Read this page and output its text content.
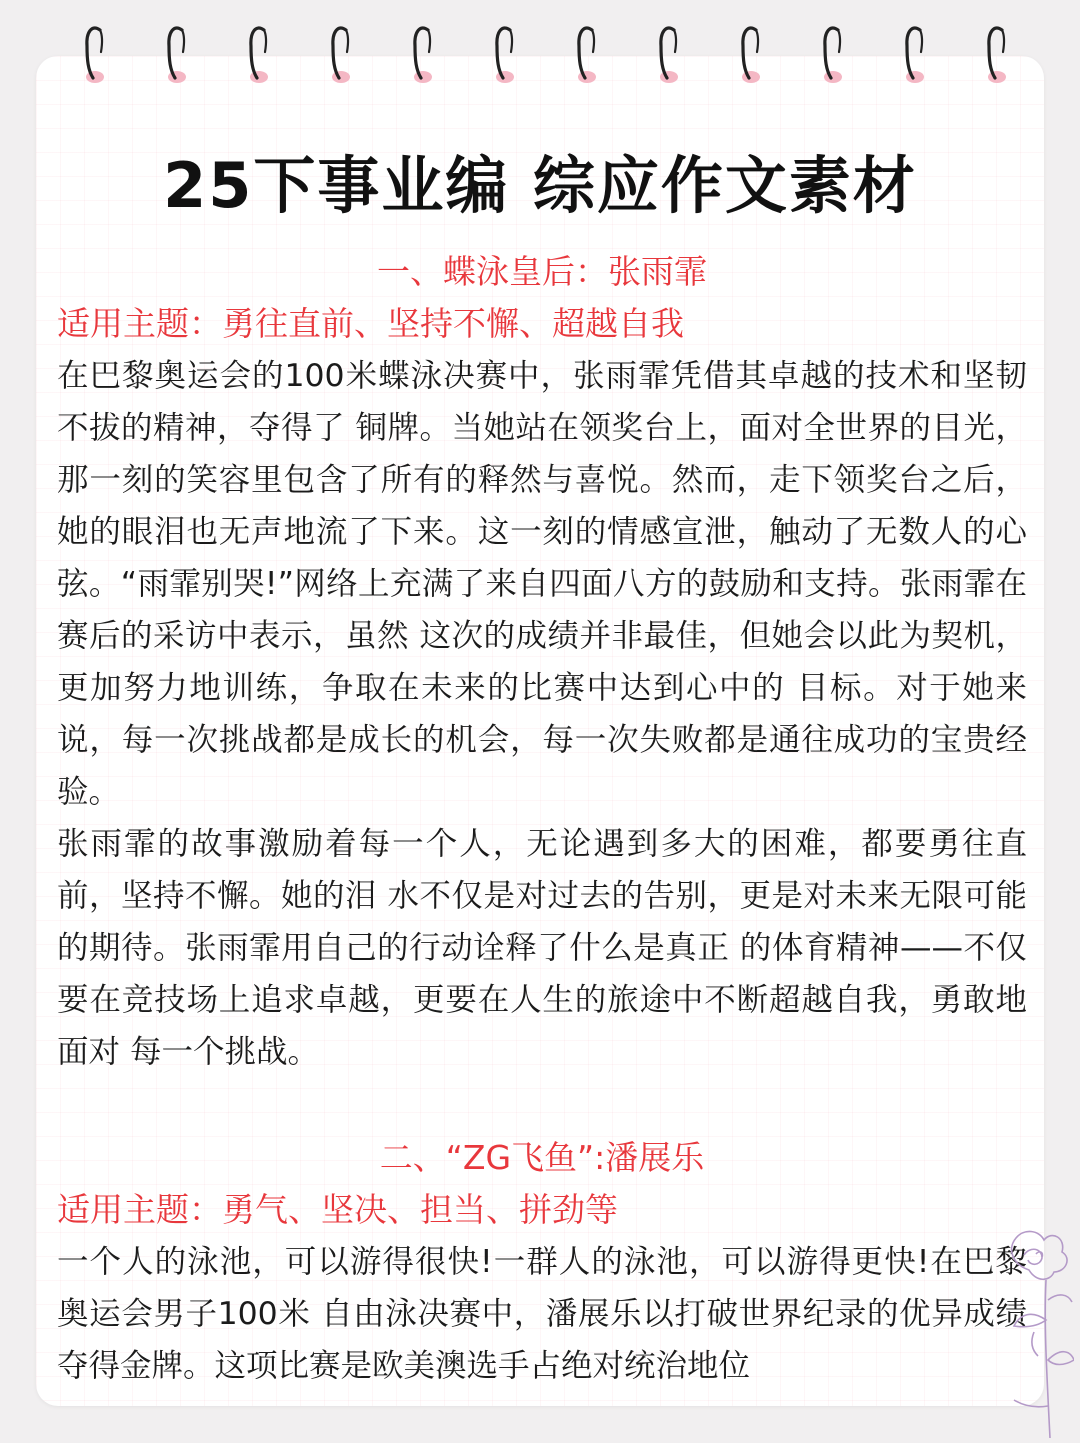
25下事业编 综应作文素材
一、蝶泳皇后：张雨霏
适用主题：勇往直前、坚持不懈、超越自我

在巴黎奥运会的100米蝶泳决赛中，张雨霏凭借其卓越的技术和坚韧不拔的精神，夺得了 铜牌。当她站在领奖台上，面对全世界的目光，那一刻的笑容里包含了所有的释然与喜悦。然而，走下领奖台之后，她的眼泪也无声地流了下来。这一刻的情感宣泄，触动了无数人的心弦。“雨霏别哭!”网络上充满了来自四面八方的鼓励和支持。张雨霏在赛后的采访中表示，虽然 这次的成绩并非最佳，但她会以此为契机，更加努力地训练，争取在未来的比赛中达到心中的 目标。对于她来说，每一次挑战都是成长的机会，每一次失败都是通往成功的宝贵经验。

张雨霏的故事激励着每一个人，无论遇到多大的困难，都要勇往直前，坚持不懈。她的泪 水不仅是对过去的告别，更是对未来无限可能的期待。张雨霏用自己的行动诠释了什么是真正 的体育精神——不仅要在竞技场上追求卓越，更要在人生的旅途中不断超越自我，勇敢地面对 每一个挑战。

二、“ZG飞鱼”:潘展乐
适用主题：勇气、坚决、担当、拼劲等

一个人的泳池，可以游得很快!一群人的泳池，可以游得更快!在巴黎奥运会男子100米 自由泳决赛中，潘展乐以打破世界纪录的优异成绩夺得金牌。这项比赛是欧美澳选手占绝对统治地位
